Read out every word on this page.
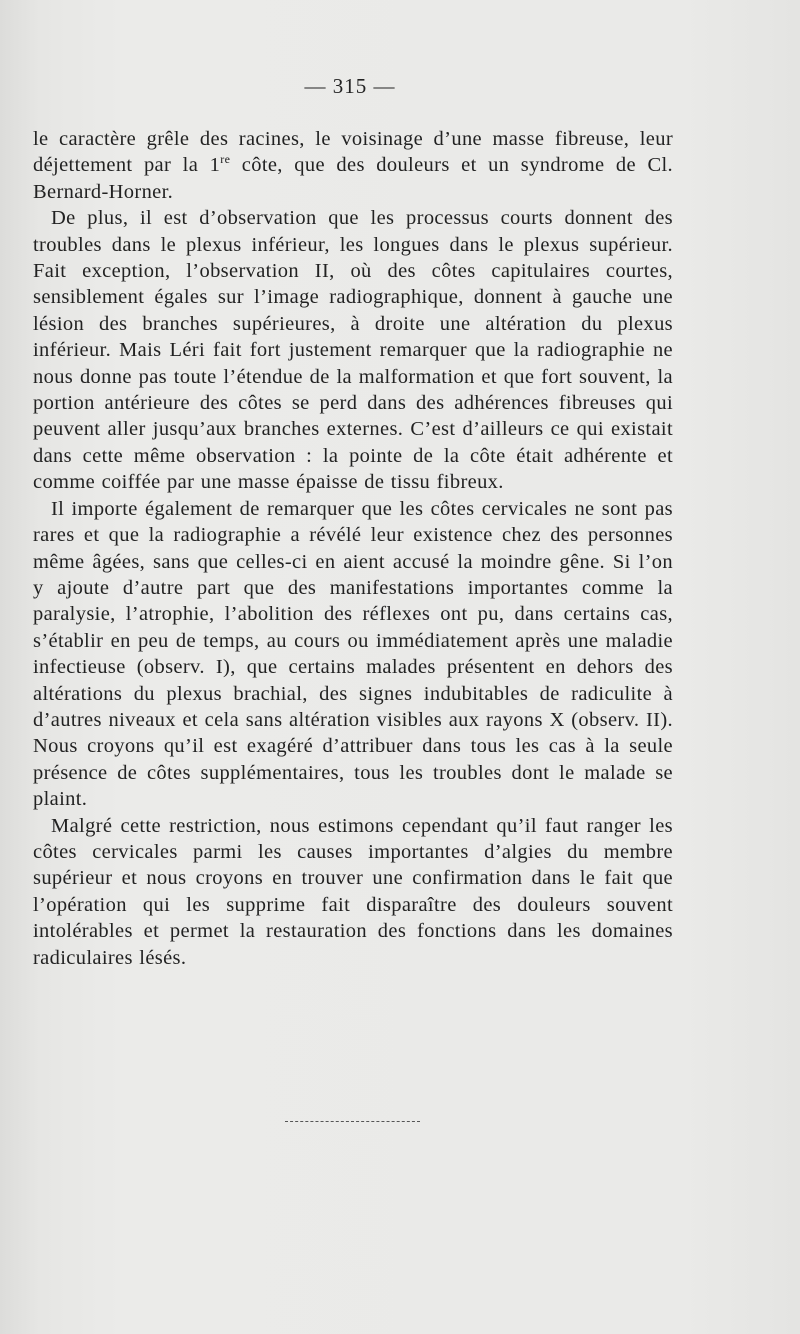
— 315 —

le caractère grêle des racines, le voisinage d’une masse fibreuse, leur déjettement par la 1re côte, que des douleurs et un syndrome de Cl. Bernard-Horner.

De plus, il est d’observation que les processus courts donnent des troubles dans le plexus inférieur, les longues dans le plexus supérieur. Fait exception, l’observation II, où des côtes capitulaires courtes, sensiblement égales sur l’image radiographique, donnent à gauche une lésion des branches supérieures, à droite une altération du plexus inférieur. Mais Léri fait fort justement remarquer que la radiographie ne nous donne pas toute l’étendue de la malformation et que fort souvent, la portion antérieure des côtes se perd dans des adhérences fibreuses qui peuvent aller jusqu’aux branches externes. C’est d’ailleurs ce qui existait dans cette même observation : la pointe de la côte était adhérente et comme coiffée par une masse épaisse de tissu fibreux.

Il importe également de remarquer que les côtes cervicales ne sont pas rares et que la radiographie a révélé leur existence chez des personnes même âgées, sans que celles-ci en aient accusé la moindre gêne. Si l’on y ajoute d’autre part que des manifestations importantes comme la paralysie, l’atrophie, l’abolition des réflexes ont pu, dans certains cas, s’établir en peu de temps, au cours ou immédiatement après une maladie infectieuse (observ. I), que certains malades présentent en dehors des altérations du plexus brachial, des signes indubitables de radiculite à d’autres niveaux et cela sans altération visibles aux rayons X (observ. II). Nous croyons qu’il est exagéré d’attribuer dans tous les cas à la seule présence de côtes supplémentaires, tous les troubles dont le malade se plaint.

Malgré cette restriction, nous estimons cependant qu’il faut ranger les côtes cervicales parmi les causes importantes d’algies du membre supérieur et nous croyons en trouver une confirmation dans le fait que l’opération qui les supprime fait disparaître des douleurs souvent intolérables et permet la restauration des fonctions dans les domaines radiculaires lésés.
